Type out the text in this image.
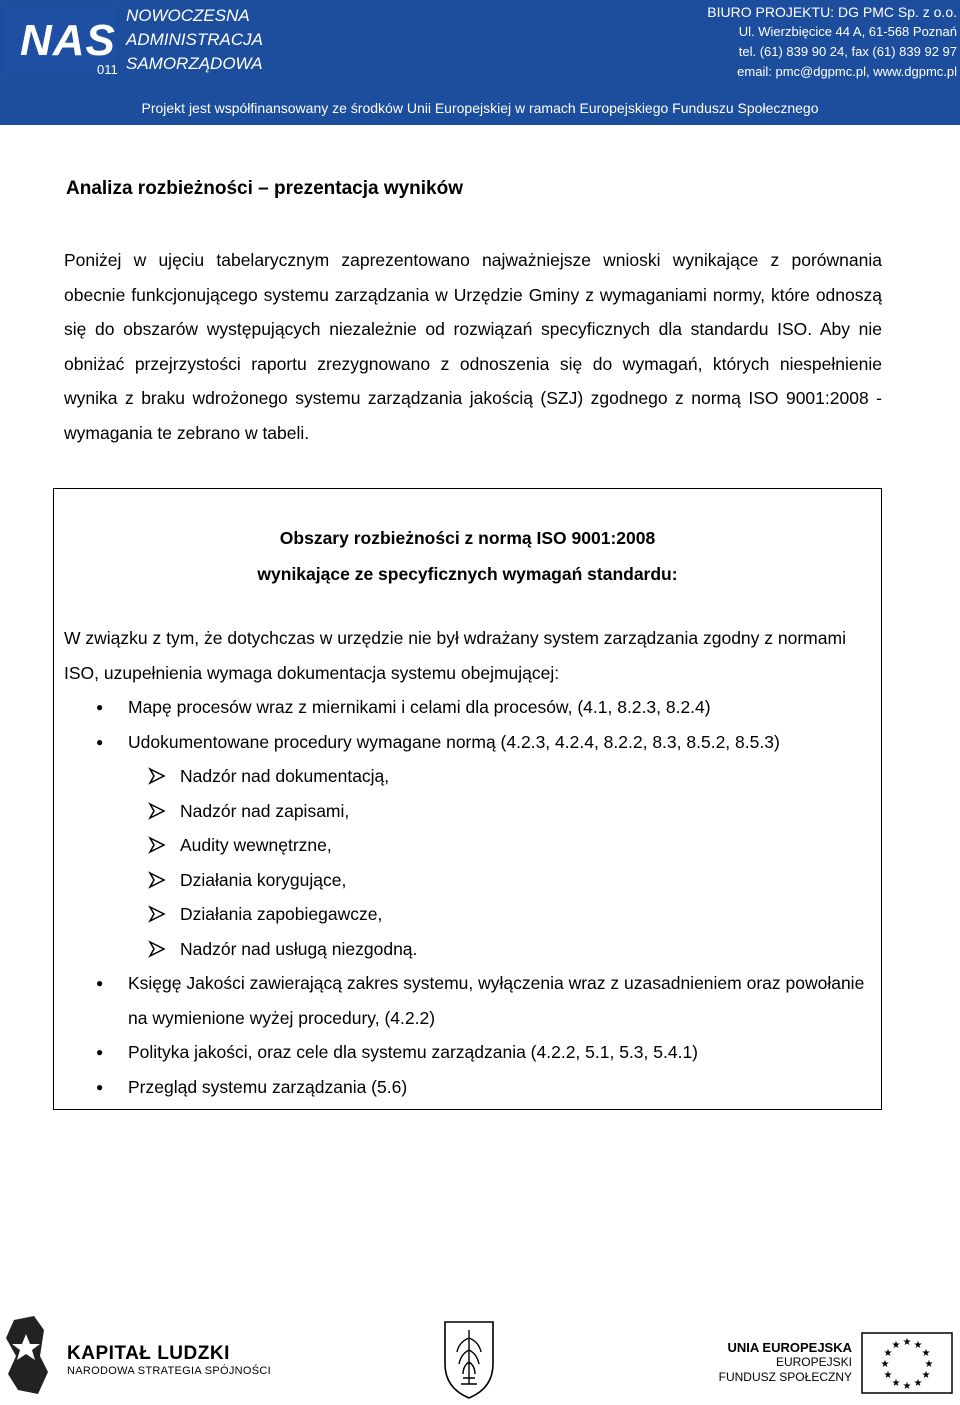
NAS
011
NOWOCZESNA
ADMINISTRACJA
SAMORZĄDOWA
BIURO PROJEKTU: DG PMC Sp. z o.o.
Ul. Wierzbięcice 44 A, 61-568 Poznań
tel. (61) 839 90 24, fax (61) 839 92 97
email: pmc@dgpmc.pl, www.dgpmc.pl
Projekt jest współfinansowany ze środków Unii Europejskiej w ramach Europejskiego Funduszu Społecznego
Analiza rozbieżności – prezentacja wyników

Poniżej w ujęciu tabelarycznym zaprezentowano najważniejsze wnioski wynikające z porównania obecnie funkcjonującego systemu zarządzania w Urzędzie Gminy z wymaganiami normy, które odnoszą się do obszarów występujących niezależnie od rozwiązań specyficznych dla standardu ISO. Aby nie obniżać przejrzystości raportu zrezygnowano z odnoszenia się do wymagań, których niespełnienie wynika z braku wdrożonego systemu zarządzania jakością (SZJ) zgodnego z normą ISO 9001:2008 - wymagania te zebrano w tabeli.

Obszary rozbieżności z normą ISO 9001:2008
wynikające ze specyficznych wymagań standardu:

W związku z tym, że dotychczas w urzędzie nie był wdrażany system zarządzania zgodny z normami ISO, uzupełnienia wymaga dokumentacja systemu obejmującej:

● Mapę procesów wraz z miernikami i celami dla procesów, (4.1, 8.2.3, 8.2.4)
● Udokumentowane procedury wymagane normą (4.2.3, 4.2.4, 8.2.2, 8.3, 8.5.2, 8.5.3)
Nadzór nad dokumentacją,
Nadzór nad zapisami,
Audity wewnętrzne,
Działania korygujące,
Działania zapobiegawcze,
Nadzór nad usługą niezgodną.
● Księgę Jakości zawierającą zakres systemu, wyłączenia wraz z uzasadnieniem oraz powołanie na wymienione wyżej procedury, (4.2.2)
● Polityka jakości, oraz cele dla systemu zarządzania (4.2.2, 5.1, 5.3, 5.4.1)
● Przegląd systemu zarządzania (5.6)
KAPITAŁ LUDZKI
NARODOWA STRATEGIA SPÓJNOŚCI
UNIA EUROPEJSKA
EUROPEJSKI
FUNDUSZ SPOŁECZNY
★ ★
★
★
★
★
★
★
★
★
★
★
